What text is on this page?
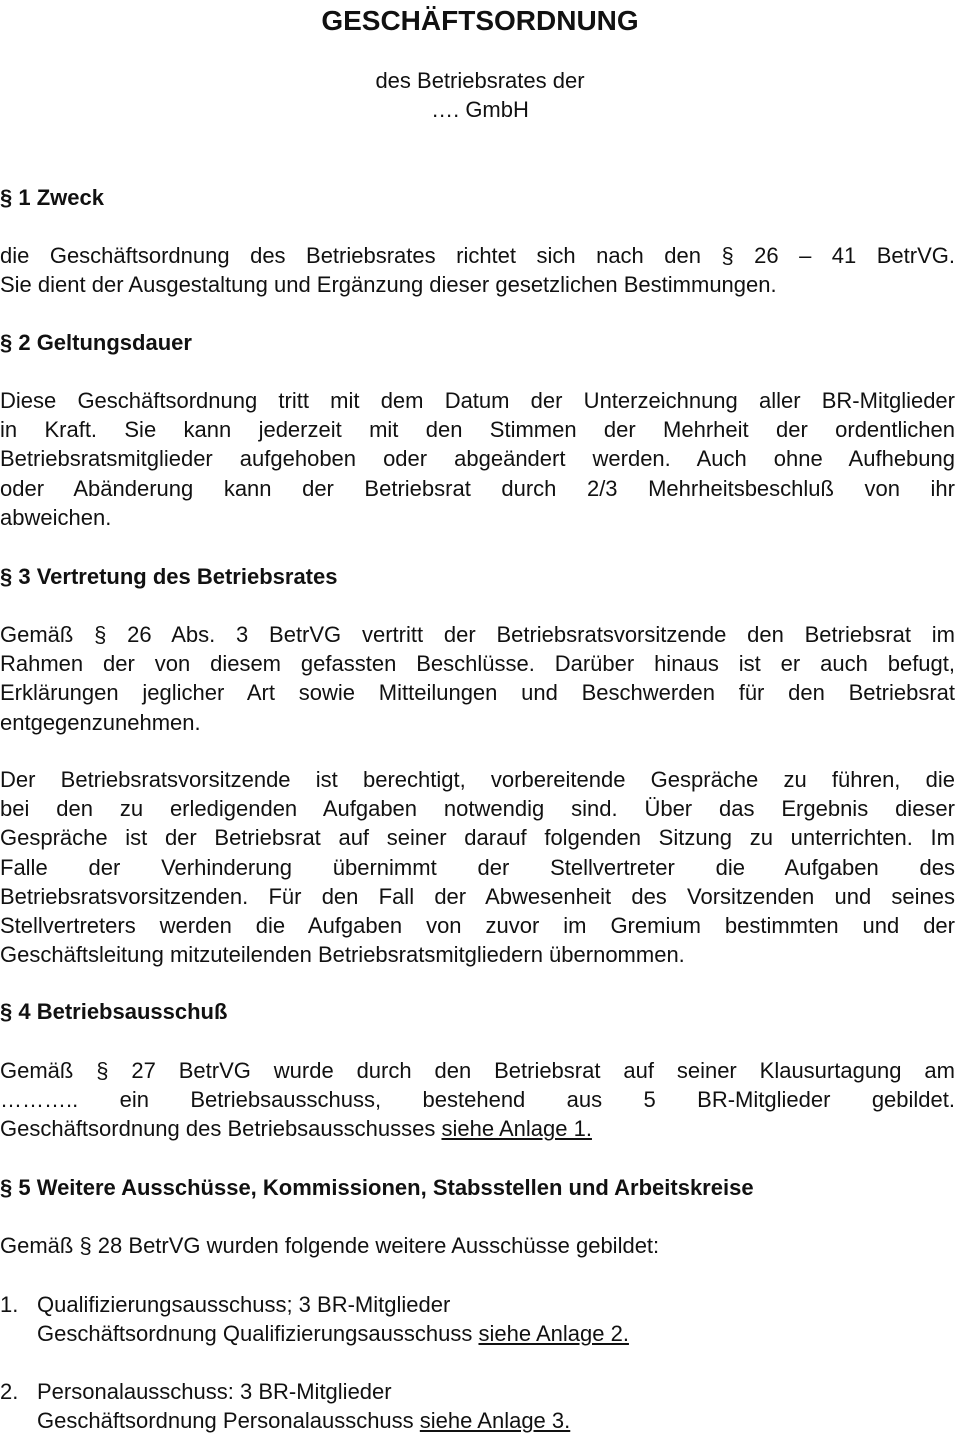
GESCHÄFTSORDNUNG
des Betriebsrates der
…. GmbH
§ 1 Zweck
die Geschäftsordnung des Betriebsrates richtet sich nach den § 26 – 41 BetrVG.
Sie dient der Ausgestaltung und Ergänzung dieser gesetzlichen Bestimmungen.
§ 2 Geltungsdauer
Diese Geschäftsordnung tritt mit dem Datum der Unterzeichnung aller BR-Mitglieder
in Kraft. Sie kann jederzeit mit den Stimmen der Mehrheit der ordentlichen
Betriebsratsmitglieder aufgehoben oder abgeändert werden. Auch ohne Aufhebung
oder Abänderung kann der Betriebsrat durch 2/3 Mehrheitsbeschluß von ihr
abweichen.
§ 3 Vertretung des Betriebsrates
Gemäß § 26 Abs. 3 BetrVG vertritt der Betriebsratsvorsitzende den Betriebsrat im
Rahmen der von diesem gefassten Beschlüsse. Darüber hinaus ist er auch befugt,
Erklärungen jeglicher Art sowie Mitteilungen und Beschwerden für den Betriebsrat
entgegenzunehmen.
Der Betriebsratsvorsitzende ist berechtigt, vorbereitende Gespräche zu führen, die
bei den zu erledigenden Aufgaben notwendig sind. Über das Ergebnis dieser
Gespräche ist der Betriebsrat auf seiner darauf folgenden Sitzung zu unterrichten. Im
Falle der Verhinderung übernimmt der Stellvertreter die Aufgaben des
Betriebsratsvorsitzenden. Für den Fall der Abwesenheit des Vorsitzenden und seines
Stellvertreters werden die Aufgaben von zuvor im Gremium bestimmten und der
Geschäftsleitung mitzuteilenden Betriebsratsmitgliedern übernommen.
§ 4 Betriebsausschuß
Gemäß § 27 BetrVG wurde durch den Betriebsrat auf seiner Klausurtagung am
……….. ein Betriebsausschuss, bestehend aus 5 BR-Mitglieder gebildet.
Geschäftsordnung des Betriebsausschusses siehe Anlage 1.
§ 5 Weitere Ausschüsse, Kommissionen, Stabsstellen und Arbeitskreise
Gemäß § 28 BetrVG wurden folgende weitere Ausschüsse gebildet:
1. Qualifizierungsausschuss; 3 BR-Mitglieder
Geschäftsordnung Qualifizierungsausschuss siehe Anlage 2.
2. Personalausschuss: 3 BR-Mitglieder
Geschäftsordnung Personalausschuss siehe Anlage 3.
